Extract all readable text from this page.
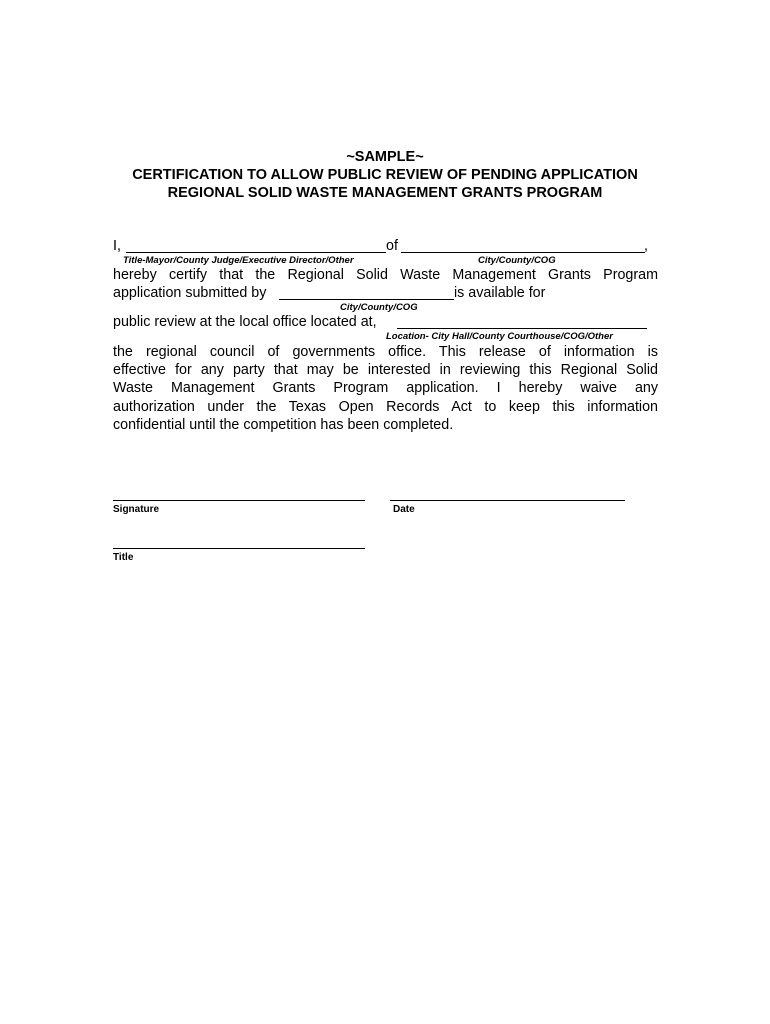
~SAMPLE~
CERTIFICATION TO ALLOW PUBLIC REVIEW OF PENDING APPLICATION
REGIONAL SOLID WASTE MANAGEMENT GRANTS PROGRAM
I,	of	,
Title-Mayor/County Judge/Executive Director/Other	City/County/COG
hereby certify that the Regional Solid Waste Management Grants Program
application submitted by	is available for
City/County/COG
public review at the local office located at,
Location- City Hall/County Courthouse/COG/Other
the regional council of governments office. This release of information is
effective for any party that may be interested in reviewing this Regional Solid
Waste Management Grants Program application. I hereby waive any
authorization under the Texas Open Records Act to keep this information
confidential until the competition has been completed.
Signature	Date
Title
